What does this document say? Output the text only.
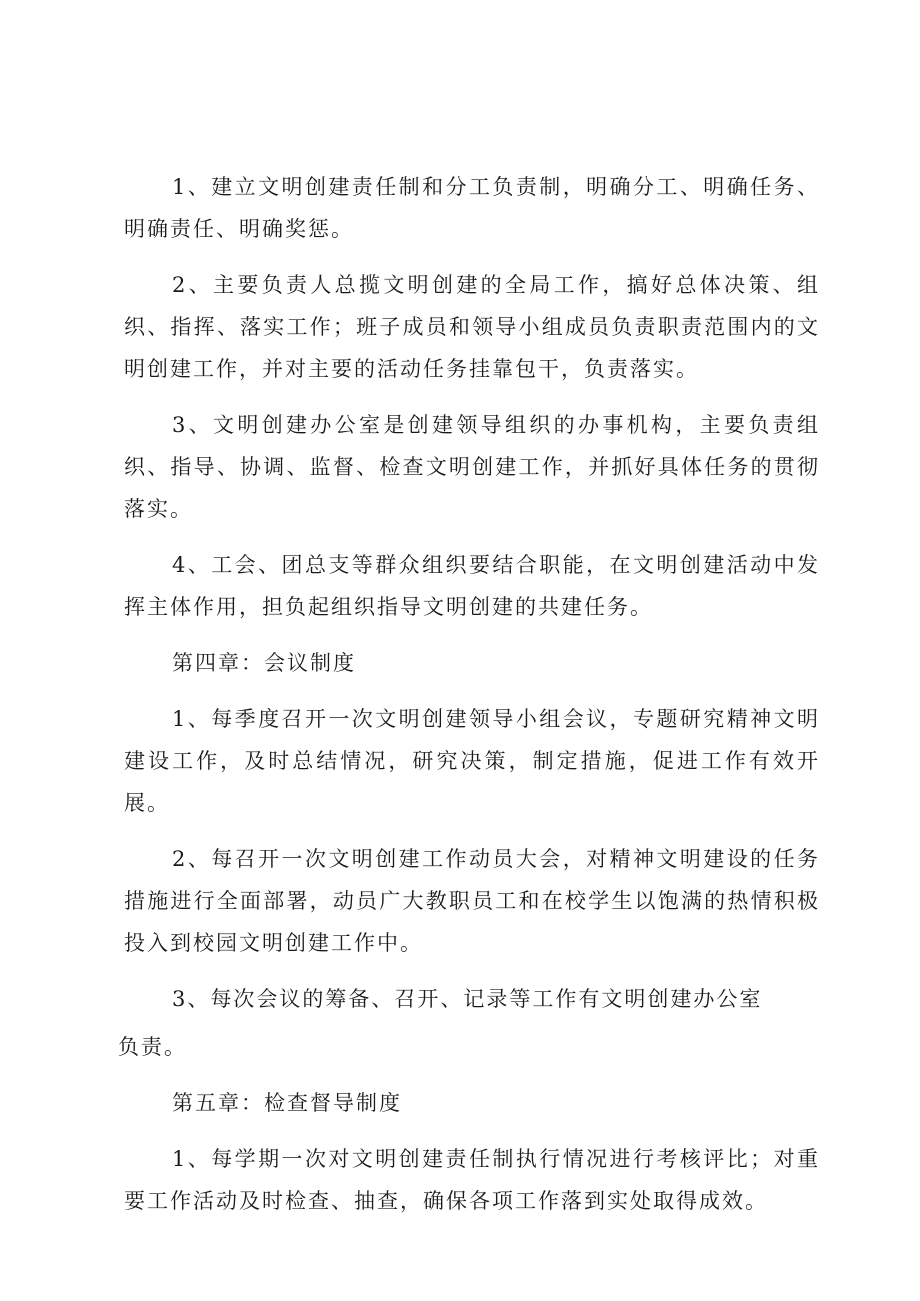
1、建立文明创建责任制和分工负责制，明确分工、明确任务、明确责任、明确奖惩。

2、主要负责人总揽文明创建的全局工作，搞好总体决策、组织、指挥、落实工作；班子成员和领导小组成员负责职责范围内的文明创建工作，并对主要的活动任务挂靠包干，负责落实。

3、文明创建办公室是创建领导组织的办事机构，主要负责组织、指导、协调、监督、检查文明创建工作，并抓好具体任务的贯彻落实。

4、工会、团总支等群众组织要结合职能，在文明创建活动中发挥主体作用，担负起组织指导文明创建的共建任务。

第四章：会议制度

1、每季度召开一次文明创建领导小组会议，专题研究精神文明建设工作，及时总结情况，研究决策，制定措施，促进工作有效开展。

2、每召开一次文明创建工作动员大会，对精神文明建设的任务措施进行全面部署，动员广大教职员工和在校学生以饱满的热情积极投入到校园文明创建工作中。

3、每次会议的筹备、召开、记录等工作有文明创建办公室
负责。

第五章：检查督导制度

1、每学期一次对文明创建责任制执行情况进行考核评比；对重要工作活动及时检查、抽查，确保各项工作落到实处取得成效。
